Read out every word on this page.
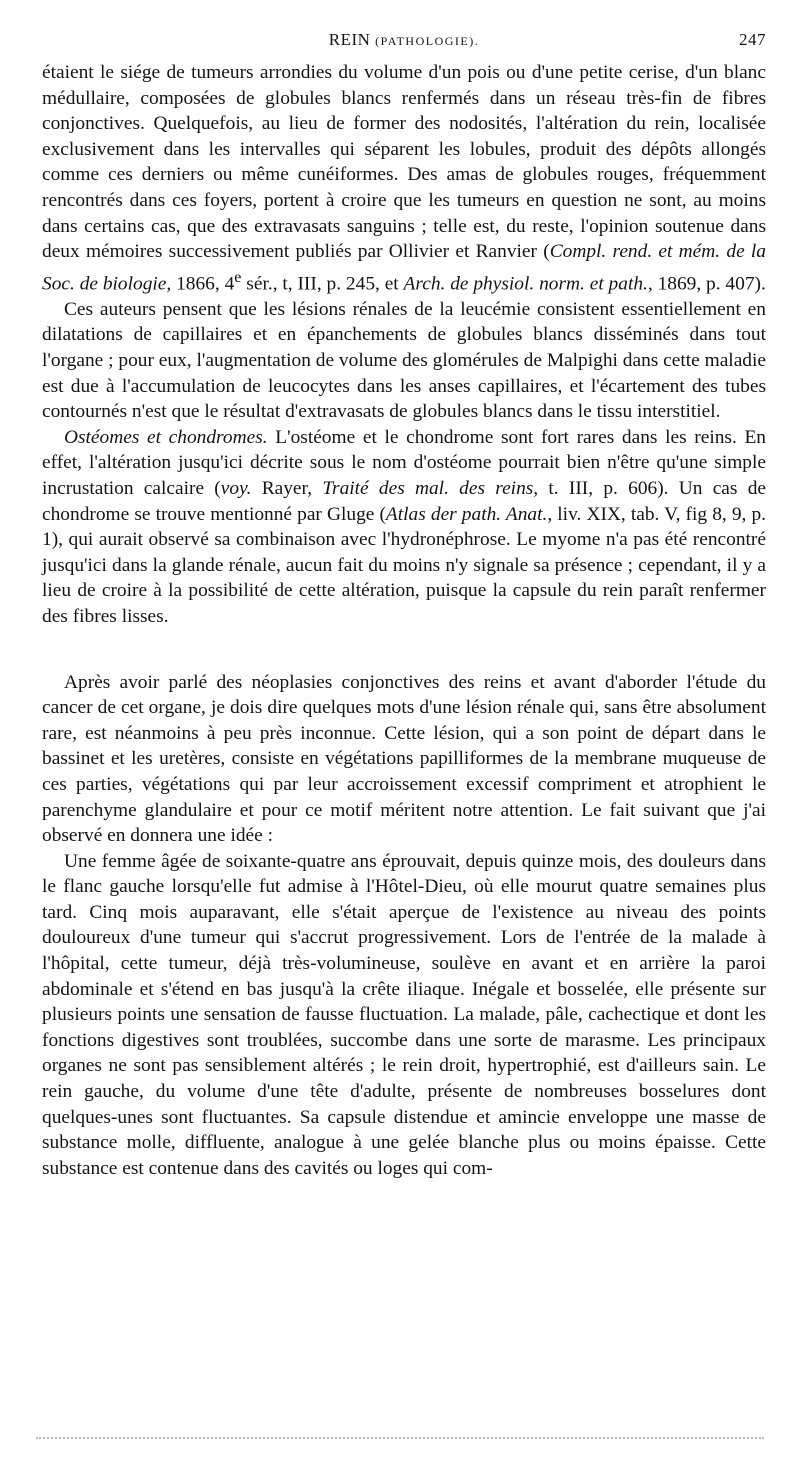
REIN (PATHOLOGIE).	247

étaient le siége de tumeurs arrondies du volume d'un pois ou d'une petite cerise, d'un blanc médullaire, composées de globules blancs renfermés dans un réseau très-fin de fibres conjonctives. Quelquefois, au lieu de former des nodosités, l'altération du rein, localisée exclusivement dans les intervalles qui séparent les lobules, produit des dépôts allongés comme ces derniers ou même cunéiformes. Des amas de globules rouges, fréquemment rencontrés dans ces foyers, portent à croire que les tumeurs en question ne sont, au moins dans certains cas, que des extravasats sanguins ; telle est, du reste, l'opinion soutenue dans deux mémoires successivement publiés par Ollivier et Ranvier (Compl. rend. et mém. de la Soc. de biologie, 1866, 4e sér., t, III, p. 245, et Arch. de physiol. norm. et path., 1869, p. 407).

Ces auteurs pensent que les lésions rénales de la leucémie consistent essentiellement en dilatations de capillaires et en épanchements de globules blancs disséminés dans tout l'organe ; pour eux, l'augmentation de volume des glomérules de Malpighi dans cette maladie est due à l'accumulation de leucocytes dans les anses capillaires, et l'écartement des tubes contournés n'est que le résultat d'extravasats de globules blancs dans le tissu interstitiel.

Ostéomes et chondromes. L'ostéome et le chondrome sont fort rares dans les reins. En effet, l'altération jusqu'ici décrite sous le nom d'ostéome pourrait bien n'être qu'une simple incrustation calcaire (voy. Rayer, Traité des mal. des reins, t. III, p. 606). Un cas de chondrome se trouve mentionné par Gluge (Atlas der path. Anat., liv. XIX, tab. V, fig 8, 9, p. 1), qui aurait observé sa combinaison avec l'hydronéphrose. Le myome n'a pas été rencontré jusqu'ici dans la glande rénale, aucun fait du moins n'y signale sa présence ; cependant, il y a lieu de croire à la possibilité de cette altération, puisque la capsule du rein paraît renfermer des fibres lisses.

Après avoir parlé des néoplasies conjonctives des reins et avant d'aborder l'étude du cancer de cet organe, je dois dire quelques mots d'une lésion rénale qui, sans être absolument rare, est néanmoins à peu près inconnue. Cette lésion, qui a son point de départ dans le bassinet et les uretères, consiste en végétations papilliformes de la membrane muqueuse de ces parties, végétations qui par leur accroissement excessif compriment et atrophient le parenchyme glandulaire et pour ce motif méritent notre attention. Le fait suivant que j'ai observé en donnera une idée :

Une femme âgée de soixante-quatre ans éprouvait, depuis quinze mois, des douleurs dans le flanc gauche lorsqu'elle fut admise à l'Hôtel-Dieu, où elle mourut quatre semaines plus tard. Cinq mois auparavant, elle s'était aperçue de l'existence au niveau des points douloureux d'une tumeur qui s'accrut progressivement. Lors de l'entrée de la malade à l'hôpital, cette tumeur, déjà très-volumineuse, soulève en avant et en arrière la paroi abdominale et s'étend en bas jusqu'à la crête iliaque. Inégale et bosselée, elle présente sur plusieurs points une sensation de fausse fluctuation. La malade, pâle, cachectique et dont les fonctions digestives sont troublées, succombe dans une sorte de marasme. Les principaux organes ne sont pas sensiblement altérés ; le rein droit, hypertrophié, est d'ailleurs sain. Le rein gauche, du volume d'une tête d'adulte, présente de nombreuses bosselures dont quelques-unes sont fluctuantes. Sa capsule distendue et amincie enveloppe une masse de substance molle, diffluente, analogue à une gelée blanche plus ou moins épaisse. Cette substance est contenue dans des cavités ou loges qui com-
